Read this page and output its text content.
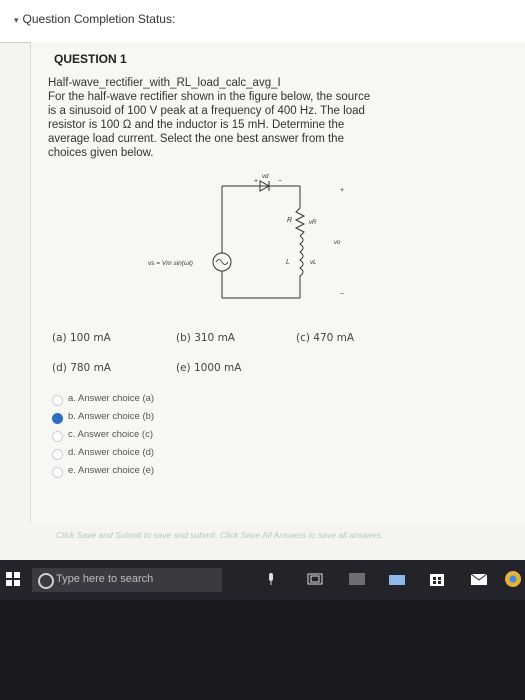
▾ Question Completion Status:
QUESTION 1
Half-wave_rectifier_with_RL_load_calc_avg_I
For the half-wave rectifier shown in the figure below, the source
is a sinusoid of 100 V peak at a frequency of 400 Hz. The load
resistor is 100 Ω and the inductor is 15 mH. Determine the
average load current. Select the one best answer from the
choices given below.
+	−
vd
R	vR
L	vL
+
vo
−
vs = Vm sin(ωt)
(a) 100 mA	(b) 310 mA	(c) 470 mA
(d) 780 mA	(e) 1000 mA
a. Answer choice (a)
b. Answer choice (b)
c. Answer choice (c)
d. Answer choice (d)
e. Answer choice (e)
Click Save and Submit to save and submit. Click Save All Answers to save all answers.
Type here to search
